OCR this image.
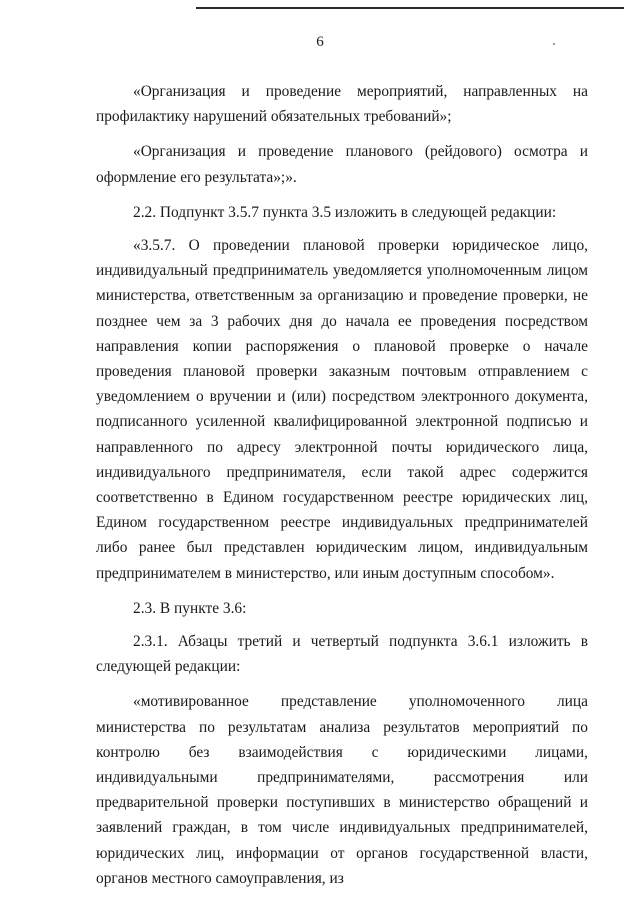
6

«Организация и проведение мероприятий, направленных на профилактику нарушений обязательных требований»;

«Организация и проведение планового (рейдового) осмотра и оформление его результата»;».

2.2. Подпункт 3.5.7 пункта 3.5 изложить в следующей редакции:

«3.5.7. О проведении плановой проверки юридическое лицо, индивидуальный предприниматель уведомляется уполномоченным лицом министерства, ответственным за организацию и проведение проверки, не позднее чем за 3 рабочих дня до начала ее проведения посредством направления копии распоряжения о плановой проверке о начале проведения плановой проверки заказным почтовым отправлением с уведомлением о вручении и (или) посредством электронного документа, подписанного усиленной квалифицированной электронной подписью и направленного по адресу электронной почты юридического лица, индивидуального предпринимателя, если такой адрес содержится соответственно в Едином государственном реестре юридических лиц, Едином государственном реестре индивидуальных предпринимателей либо ранее был представлен юридическим лицом, индивидуальным предпринимателем в министерство, или иным доступным способом».

2.3. В пункте 3.6:

2.3.1. Абзацы третий и четвертый подпункта 3.6.1 изложить в следующей редакции:

«мотивированное представление уполномоченного лица министерства по результатам анализа результатов мероприятий по контролю без взаимодействия с юридическими лицами, индивидуальными предпринимателями, рассмотрения или предварительной проверки поступивших в министерство обращений и заявлений граждан, в том числе индивидуальных предпринимателей, юридических лиц, информации от органов государственной власти, органов местного самоуправления, из
